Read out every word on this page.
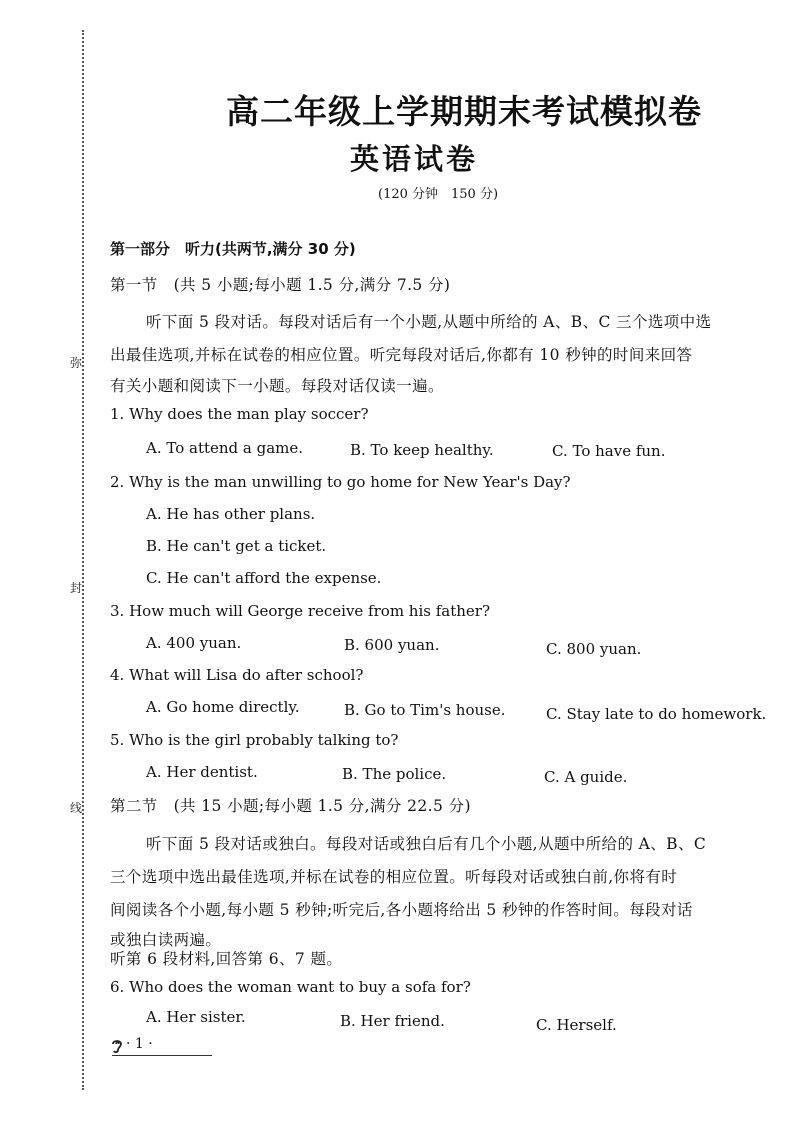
弥
封
线
高二年级上学期期末考试模拟卷
英语试卷
(120 分钟　150 分)
第一部分　听力(共两节,满分 30 分)
第一节　(共 5 小题;每小题 1.5 分,满分 7.5 分)
听下面 5 段对话。每段对话后有一个小题,从题中所给的 A、B、C 三个选项中选
出最佳选项,并标在试卷的相应位置。听完每段对话后,你都有 10 秒钟的时间来回答
有关小题和阅读下一小题。每段对话仅读一遍。
1. Why does the man play soccer?
A. To attend a game.	B. To keep healthy.	C. To have fun.
2. Why is the man unwilling to go home for New Year's Day?
A. He has other plans.
B. He can't get a ticket.
C. He can't afford the expense.
3. How much will George receive from his father?
A. 400 yuan.	B. 600 yuan.	C. 800 yuan.
4. What will Lisa do after school?
A. Go home directly.	B. Go to Tim's house.	C. Stay late to do homework.
5. Who is the girl probably talking to?
A. Her dentist.	B. The police.	C. A guide.
第二节　(共 15 小题;每小题 1.5 分,满分 22.5 分)
听下面 5 段对话或独白。每段对话或独白后有几个小题,从题中所给的 A、B、C
三个选项中选出最佳选项,并标在试卷的相应位置。听每段对话或独白前,你将有时
间阅读各个小题,每小题 5 秒钟;听完后,各小题将给出 5 秒钟的作答时间。每段对话
或独白读两遍。
听第 6 段材料,回答第 6、7 题。
6. Who does the woman want to buy a sofa for?
A. Her sister.	B. Her friend.	C. Herself.
· 1 ·
